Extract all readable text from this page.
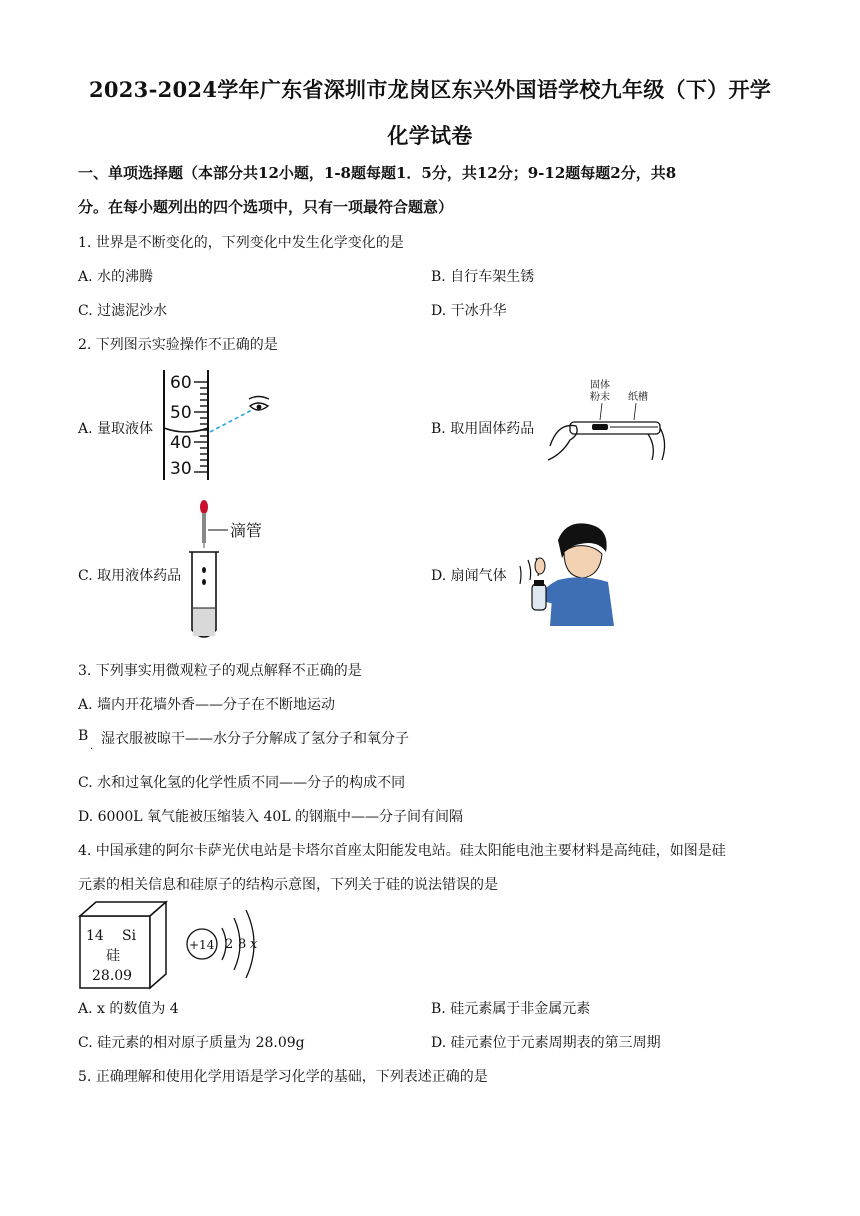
2023-2024学年广东省深圳市龙岗区东兴外国语学校九年级（下）开学
化学试卷
一、单项选择题（本部分共12小题，1-8题每题1．5分，共12分；9-12题每题2分，共8
分。在每小题列出的四个选项中，只有一项最符合题意）
1. 世界是不断变化的，下列变化中发生化学变化的是
A. 水的沸腾	B. 自行车架生锈
C. 过滤泥沙水	D. 干冰升华
2. 下列图示实验操作不正确的是
A. 量取液体	B. 取用固体药品
C. 取用液体药品	D. 扇闻气体
60
50
40
30
固体
粉末 纸槽
滴管
3. 下列事实用微观粒子的观点解释不正确的是
A. 墙内开花墙外香——分子在不断地运动
B
·
湿衣服被晾干——水分子分解成了氢分子和氧分子
C. 水和过氧化氢的化学性质不同——分子的构成不同
D. 6000L 氧气能被压缩装入 40L 的钢瓶中——分子间有间隔
4. 中国承建的阿尔卡萨光伏电站是卡塔尔首座太阳能发电站。硅太阳能电池主要材料是高纯硅，如图是硅
元素的相关信息和硅原子的结构示意图，下列关于硅的说法错误的是
14 Si
硅
28.09
+14 2 8 x
A. x 的数值为 4	B. 硅元素属于非金属元素
C. 硅元素的相对原子质量为 28.09g	D. 硅元素位于元素周期表的第三周期
5. 正确理解和使用化学用语是学习化学的基础，下列表述正确的是
